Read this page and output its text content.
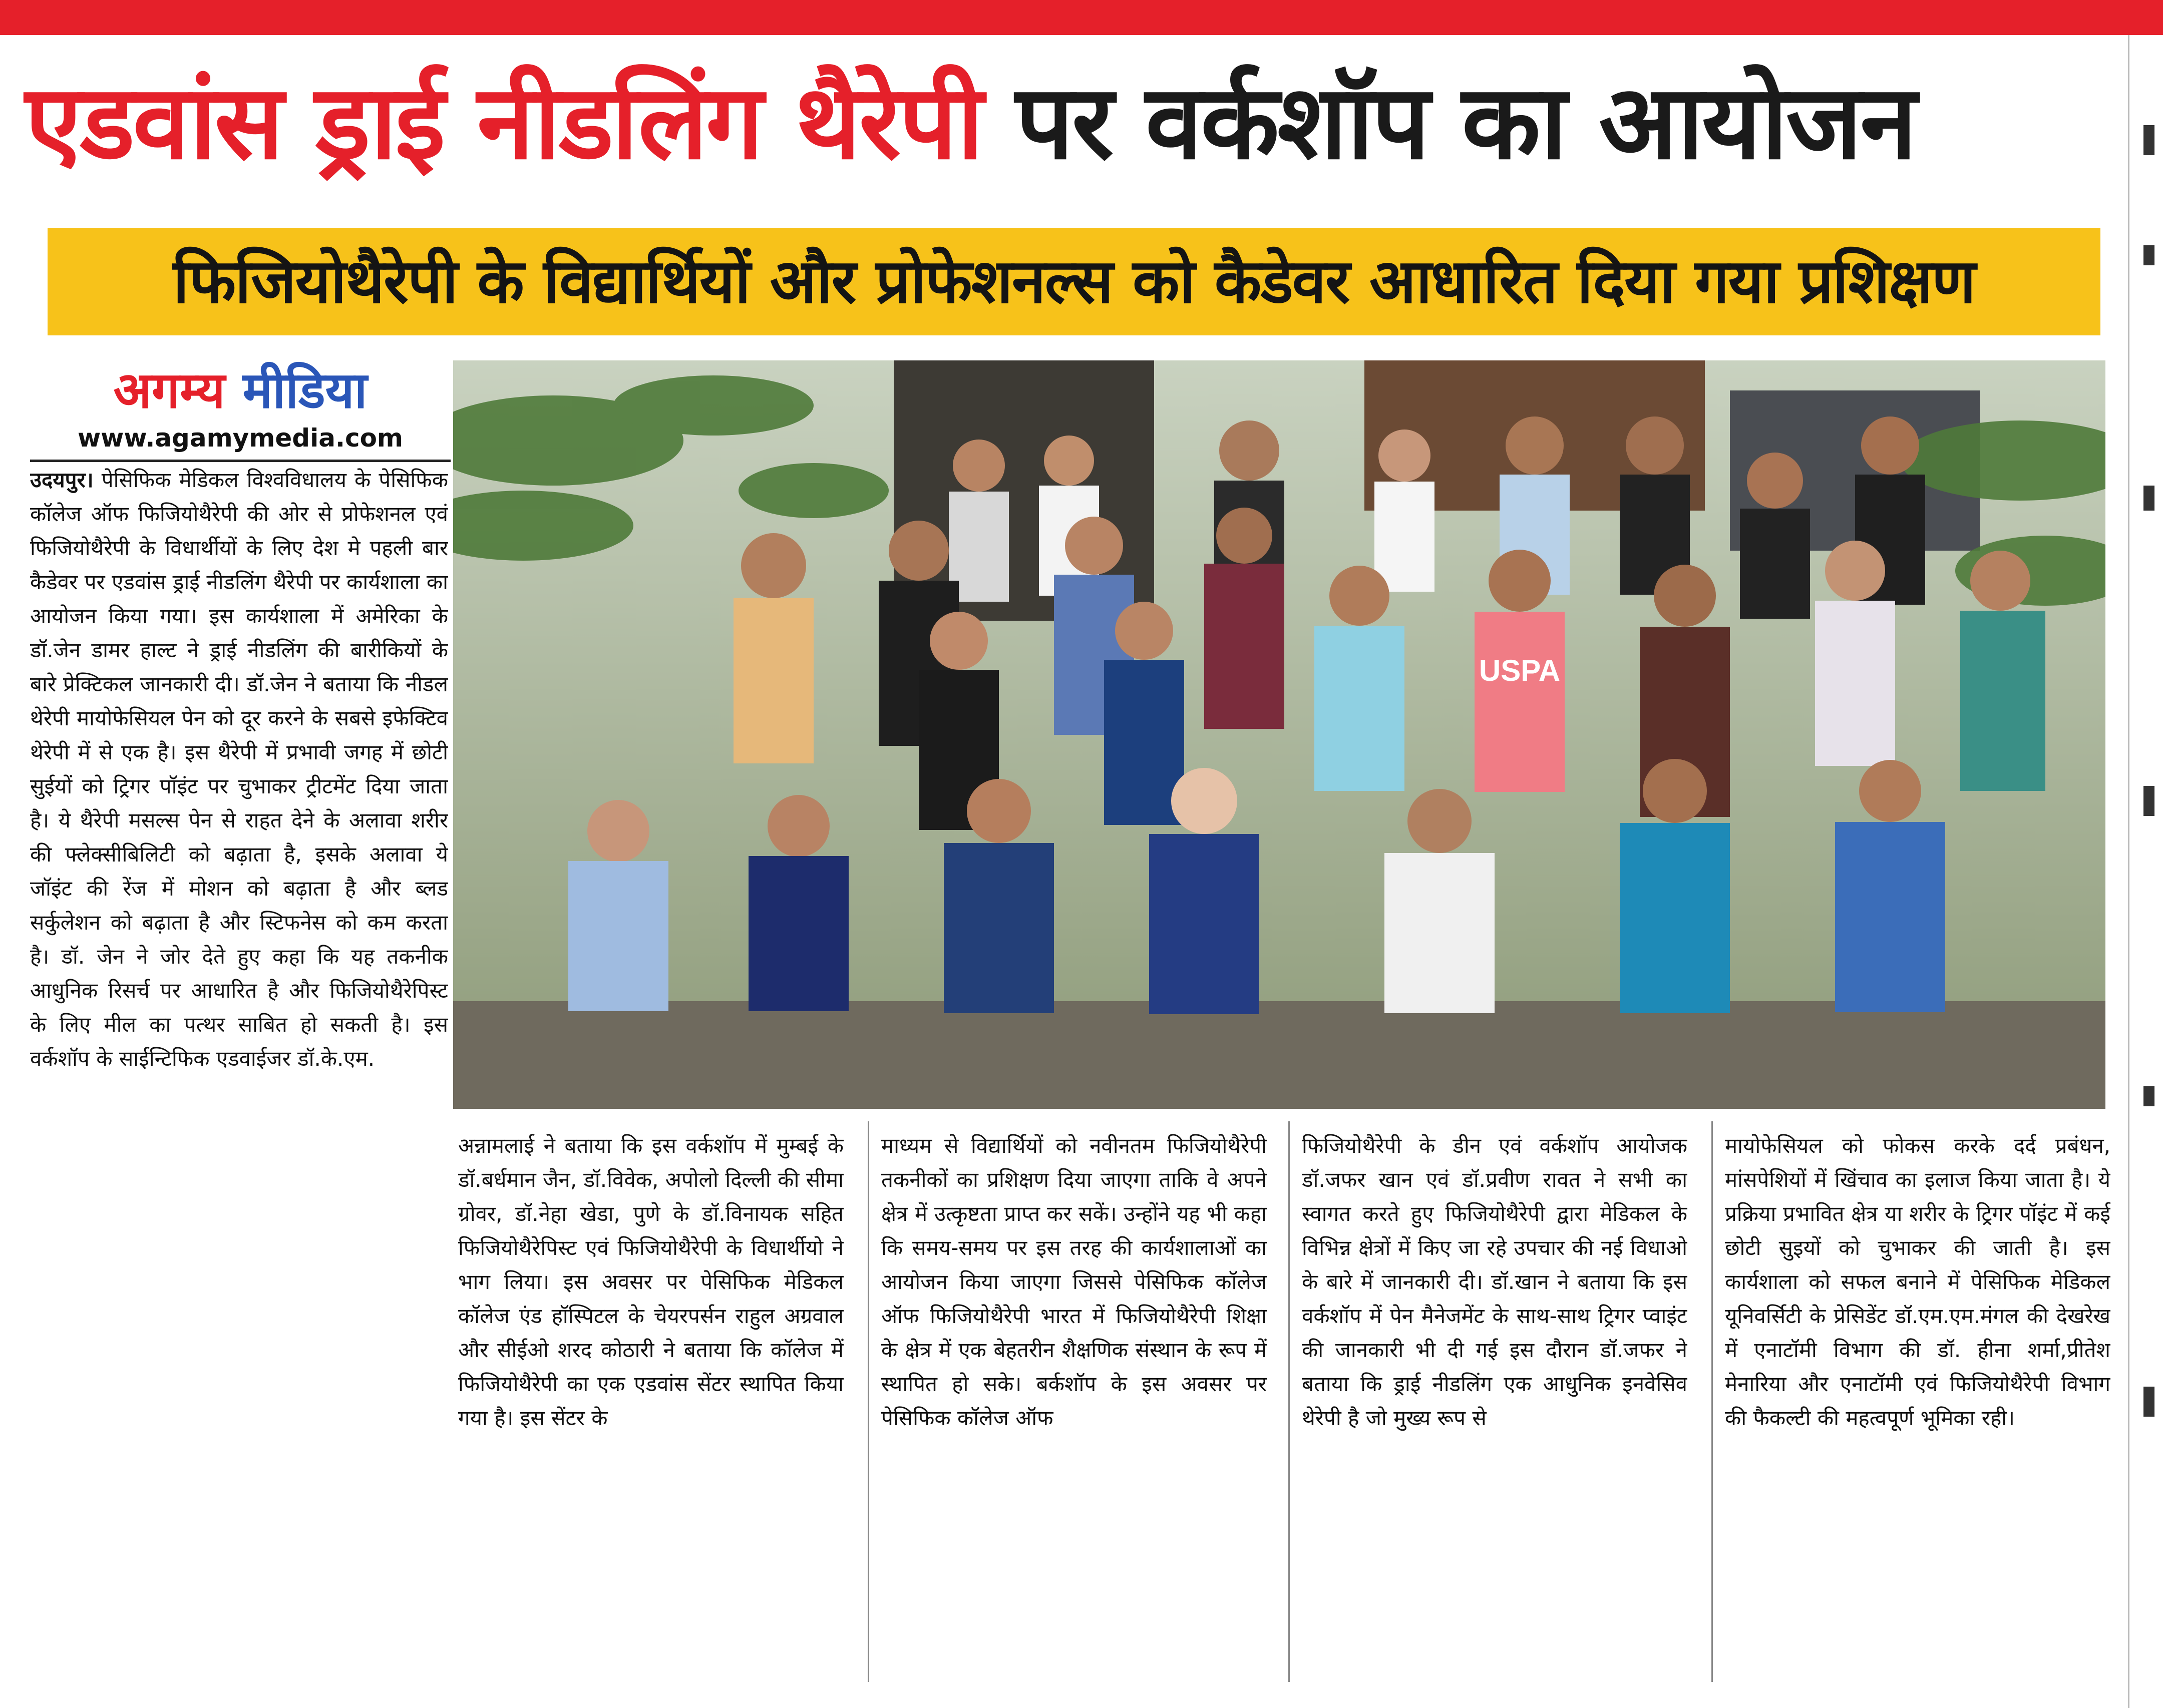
एडवांस ड्राई नीडलिंग थैरेपी पर वर्कशॉप का आयोजन
फिजियोथैरेपी के विद्यार्थियों और प्रोफेशनल्स को कैडेवर आधारित दिया गया प्रशिक्षण
अगम्य मीडिया
www.agamymedia.com
उदयपुर। पेसिफिक मेडिकल विश्वविधालय के पेसिफिक कॉलेज ऑफ फिजियोथैरेपी की ओर से प्रोफेशनल एवं फिजियोथैरेपी के विधार्थीयों के लिए देश मे पहली बार कैडेवर पर एडवांस ड्राई नीडलिंग थैरेपी पर कार्यशाला का आयोजन किया गया। इस कार्यशाला में अमेरिका के डॉ.जेन डामर हाल्ट ने ड्राई नीडलिंग की बारीकियों के बारे प्रेक्टिकल जानकारी दी। डॉ.जेन ने बताया कि नीडल थेरेपी मायोफेसियल पेन को दूर करने के सबसे इफेक्टिव थेरेपी में से एक है। इस थैरेपी में प्रभावी जगह में छोटी सुईयों को ट्रिगर पॉइंट पर चुभाकर ट्रीटमेंट दिया जाता है। ये थैरेपी मसल्स पेन से राहत देने के अलावा शरीर की फ्लेक्सीबिलिटी को बढ़ाता है, इसके अलावा ये जॉइंट की रेंज में मोशन को बढ़ाता है और ब्लड सर्कुलेशन को बढ़ाता है और स्टिफनेस को कम करता है। डॉ. जेन ने जोर देते हुए कहा कि यह तकनीक आधुनिक रिसर्च पर आधारित है और फिजियोथैरेपिस्ट के लिए मील का पत्थर साबित हो सकती है। इस वर्कशॉप के साईन्टिफिक एडवाईजर डॉ.के.एम.
USPA
अन्नामलाई ने बताया कि इस वर्कशॉप में मुम्बई के डॉ.बर्धमान जैन, डॉ.विवेक, अपोलो दिल्ली की सीमा ग्रोवर, डॉ.नेहा खेडा, पुणे के डॉ.विनायक सहित फिजियोथैरेपिस्ट एवं फिजियोथैरेपी के विधार्थीयो ने भाग लिया। इस अवसर पर पेसिफिक मेडिकल कॉलेज एंड हॉस्पिटल के चेयरपर्सन राहुल अग्रवाल और सीईओ शरद कोठारी ने बताया कि कॉलेज में फिजियोथैरेपी का एक एडवांस सेंटर स्थापित किया गया है। इस सेंटर के
माध्यम से विद्यार्थियों को नवीनतम फिजियोथैरेपी तकनीकों का प्रशिक्षण दिया जाएगा ताकि वे अपने क्षेत्र में उत्कृष्टता प्राप्त कर सकें। उन्होंने यह भी कहा कि समय-समय पर इस तरह की कार्यशालाओं का आयोजन किया जाएगा जिससे पेसिफिक कॉलेज ऑफ फिजियोथैरेपी भारत में फिजियोथैरेपी शिक्षा के क्षेत्र में एक बेहतरीन शैक्षणिक संस्थान के रूप में स्थापित हो सके। बर्कशॉप के इस अवसर पर पेसिफिक कॉलेज ऑफ
फिजियोथैरेपी के डीन एवं वर्कशॉप आयोजक डॉ.जफर खान एवं डॉ.प्रवीण रावत ने सभी का स्वागत करते हुए फिजियोथैरेपी द्वारा मेडिकल के विभिन्न क्षेत्रों में किए जा रहे उपचार की नई विधाओ के बारे में जानकारी दी। डॉ.खान ने बताया कि इस वर्कशॉप में पेन मैनेजमेंट के साथ-साथ ट्रिगर प्वाइंट की जानकारी भी दी गई इस दौरान डॉ.जफर ने बताया कि ड्राई नीडलिंग एक आधुनिक इनवेसिव थेरेपी है जो मुख्य रूप से
मायोफेसियल को फोकस करके दर्द प्रबंधन, मांसपेशियों में खिंचाव का इलाज किया जाता है। ये प्रक्रिया प्रभावित क्षेत्र या शरीर के ट्रिगर पॉइंट में कई छोटी सुइयों को चुभाकर की जाती है। इस कार्यशाला को सफल बनाने में पेसिफिक मेडिकल यूनिवर्सिटी के प्रेसिडेंट डॉ.एम.एम.मंगल की देखरेख में एनाटॉमी विभाग की डॉ. हीना शर्मा,प्रीतेश मेनारिया और एनाटॉमी एवं फिजियोथैरेपी विभाग की फैकल्टी की महत्वपूर्ण भूमिका रही।
